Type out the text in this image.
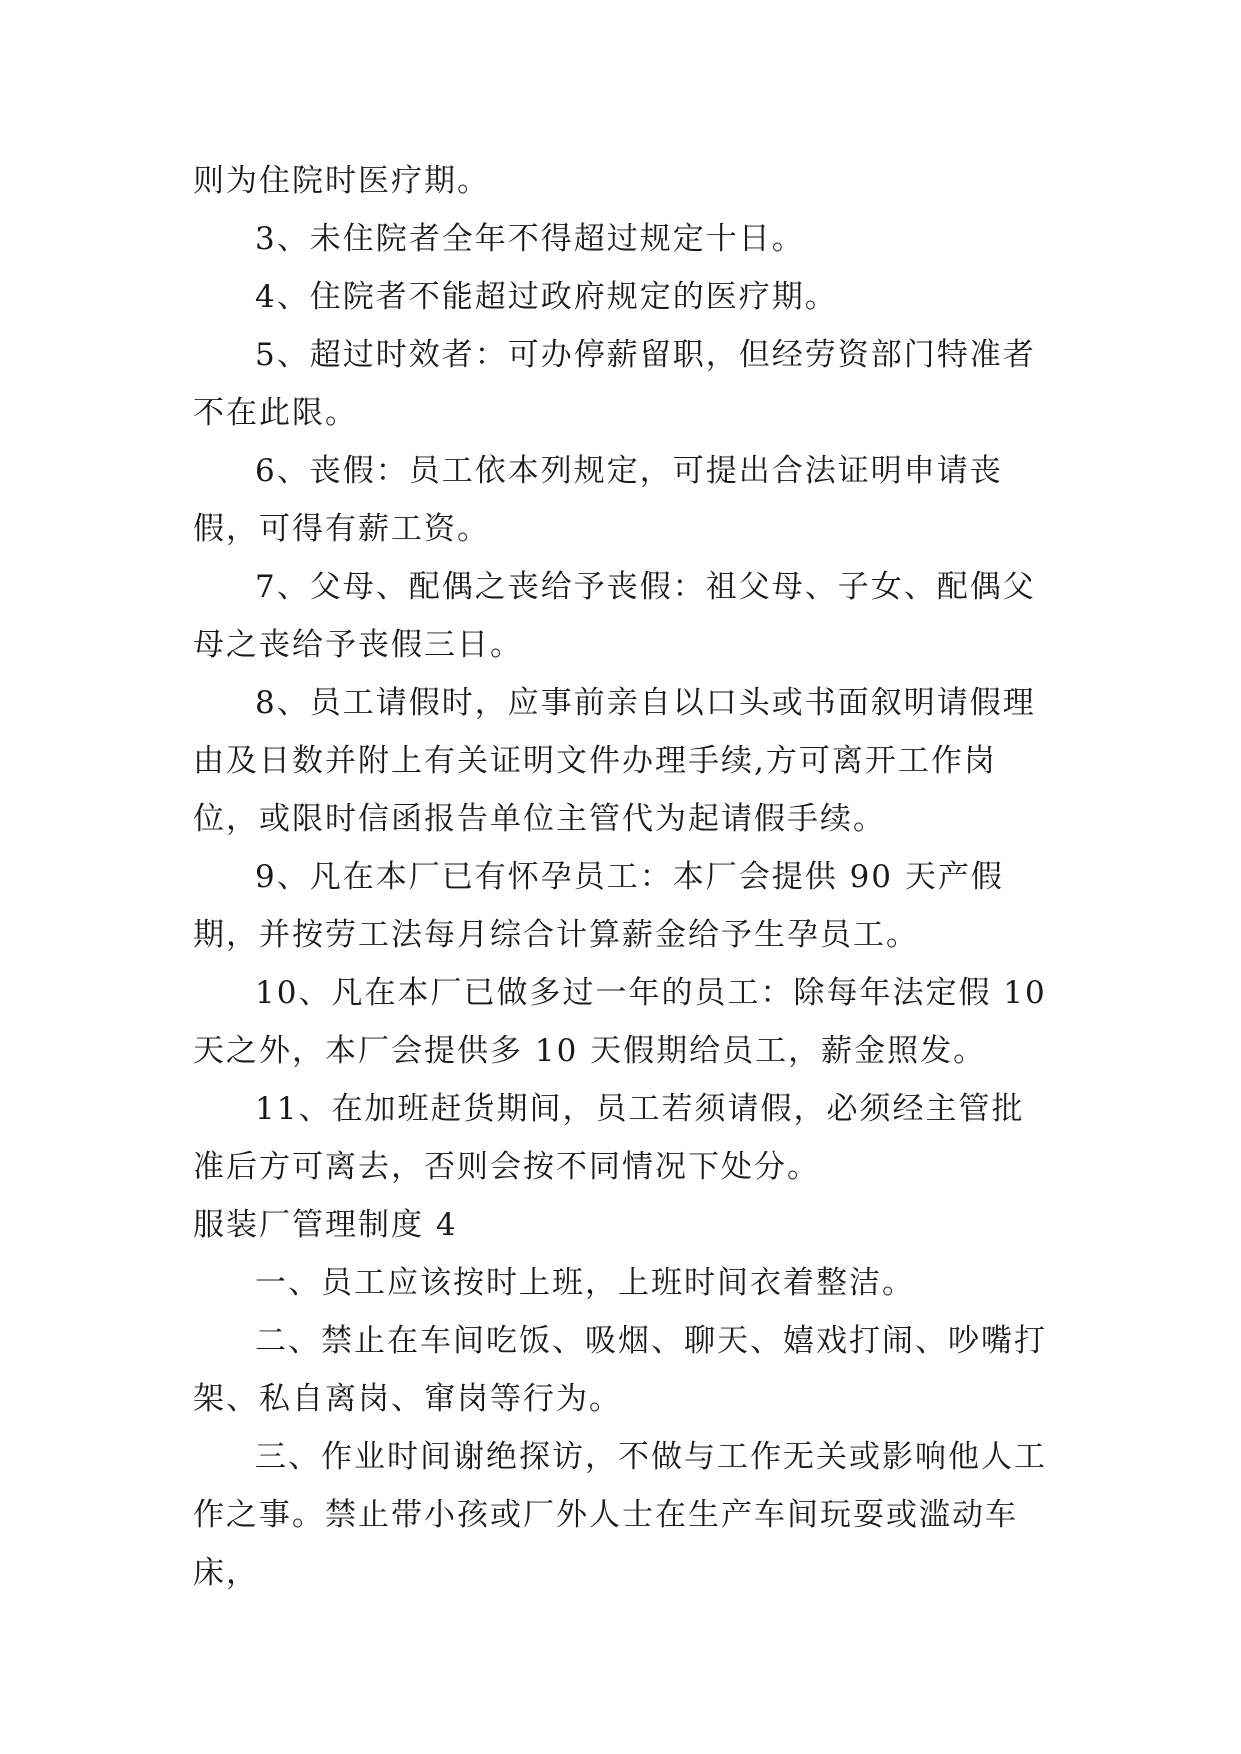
则为住院时医疗期。

3、未住院者全年不得超过规定十日。

4、住院者不能超过政府规定的医疗期。

5、超过时效者：可办停薪留职，但经劳资部门特准者不在此限。

6、丧假：员工依本列规定，可提出合法证明申请丧假，可得有薪工资。

7、父母、配偶之丧给予丧假：祖父母、子女、配偶父母之丧给予丧假三日。

8、员工请假时，应事前亲自以口头或书面叙明请假理由及日数并附上有关证明文件办理手续,方可离开工作岗位，或限时信函报告单位主管代为起请假手续。

9、凡在本厂已有怀孕员工：本厂会提供 90 天产假期，并按劳工法每月综合计算薪金给予生孕员工。

10、凡在本厂已做多过一年的员工：除每年法定假 10 天之外，本厂会提供多 10 天假期给员工，薪金照发。

11、在加班赶货期间，员工若须请假，必须经主管批准后方可离去，否则会按不同情况下处分。

服装厂管理制度 4

一、员工应该按时上班，上班时间衣着整洁。

二、禁止在车间吃饭、吸烟、聊天、嬉戏打闹、吵嘴打架、私自离岗、窜岗等行为。

三、作业时间谢绝探访，不做与工作无关或影响他人工作之事。禁止带小孩或厂外人士在生产车间玩耍或滥动车床，
